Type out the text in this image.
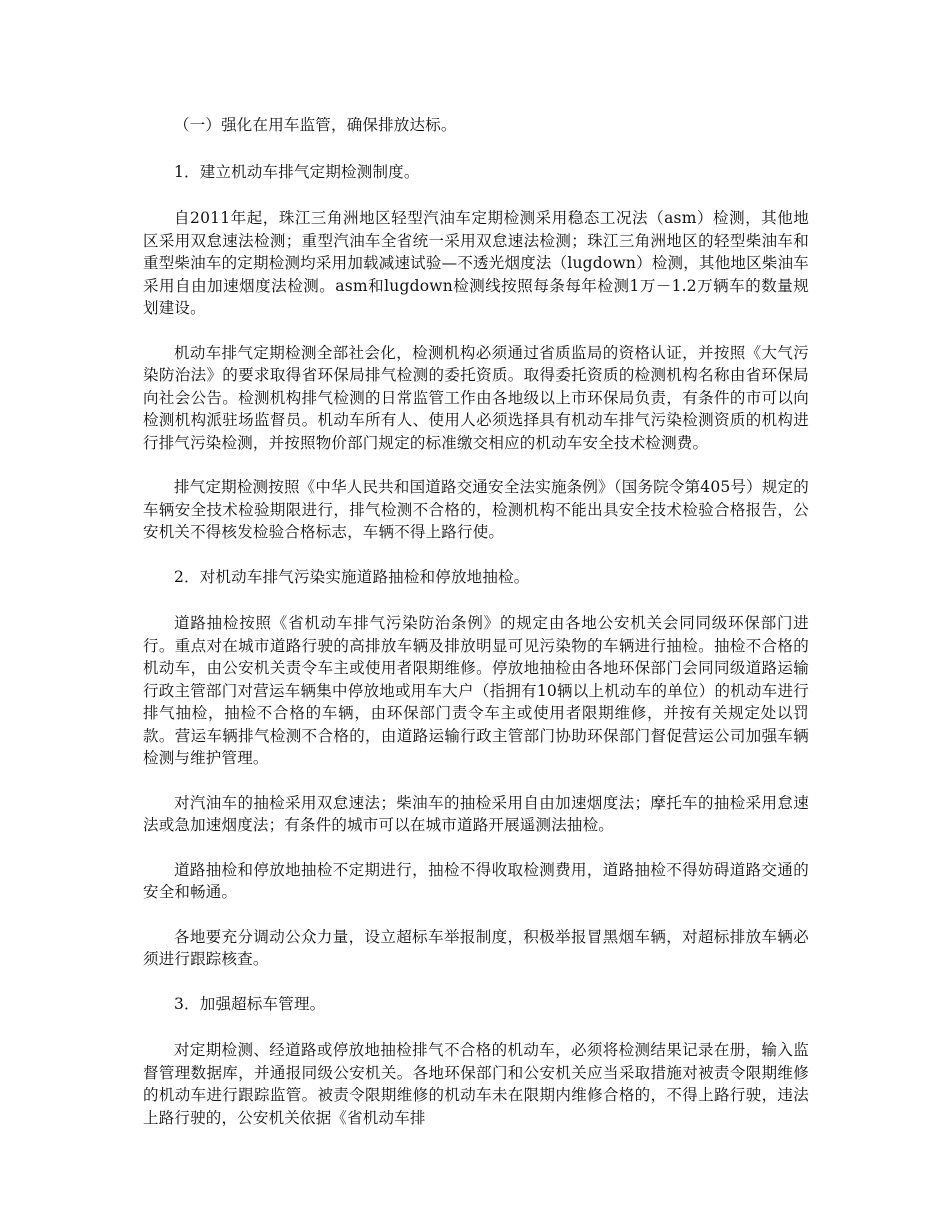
（一）强化在用车监管，确保排放达标。

1．建立机动车排气定期检测制度。

自2011年起，珠江三角洲地区轻型汽油车定期检测采用稳态工况法（asm）检测，其他地区采用双怠速法检测；重型汽油车全省统一采用双怠速法检测；珠江三角洲地区的轻型柴油车和重型柴油车的定期检测均采用加载减速试验—不透光烟度法（lugdown）检测，其他地区柴油车采用自由加速烟度法检测。asm和lugdown检测线按照每条每年检测1万－1.2万辆车的数量规划建设。

机动车排气定期检测全部社会化，检测机构必须通过省质监局的资格认证，并按照《大气污染防治法》的要求取得省环保局排气检测的委托资质。取得委托资质的检测机构名称由省环保局向社会公告。检测机构排气检测的日常监管工作由各地级以上市环保局负责，有条件的市可以向检测机构派驻场监督员。机动车所有人、使用人必须选择具有机动车排气污染检测资质的机构进行排气污染检测，并按照物价部门规定的标准缴交相应的机动车安全技术检测费。

排气定期检测按照《中华人民共和国道路交通安全法实施条例》（国务院令第405号）规定的车辆安全技术检验期限进行，排气检测不合格的，检测机构不能出具安全技术检验合格报告，公安机关不得核发检验合格标志，车辆不得上路行使。

2．对机动车排气污染实施道路抽检和停放地抽检。

道路抽检按照《省机动车排气污染防治条例》的规定由各地公安机关会同同级环保部门进行。重点对在城市道路行驶的高排放车辆及排放明显可见污染物的车辆进行抽检。抽检不合格的机动车，由公安机关责令车主或使用者限期维修。停放地抽检由各地环保部门会同同级道路运输行政主管部门对营运车辆集中停放地或用车大户（指拥有10辆以上机动车的单位）的机动车进行排气抽检，抽检不合格的车辆，由环保部门责令车主或使用者限期维修，并按有关规定处以罚款。营运车辆排气检测不合格的，由道路运输行政主管部门协助环保部门督促营运公司加强车辆检测与维护管理。

对汽油车的抽检采用双怠速法；柴油车的抽检采用自由加速烟度法；摩托车的抽检采用怠速法或急加速烟度法；有条件的城市可以在城市道路开展遥测法抽检。

道路抽检和停放地抽检不定期进行，抽检不得收取检测费用，道路抽检不得妨碍道路交通的安全和畅通。

各地要充分调动公众力量，设立超标车举报制度，积极举报冒黑烟车辆，对超标排放车辆必须进行跟踪核查。

3．加强超标车管理。

对定期检测、经道路或停放地抽检排气不合格的机动车，必须将检测结果记录在册，输入监督管理数据库，并通报同级公安机关。各地环保部门和公安机关应当采取措施对被责令限期维修的机动车进行跟踪监管。被责令限期维修的机动车未在限期内维修合格的，不得上路行驶，违法上路行驶的，公安机关依据《省机动车排
